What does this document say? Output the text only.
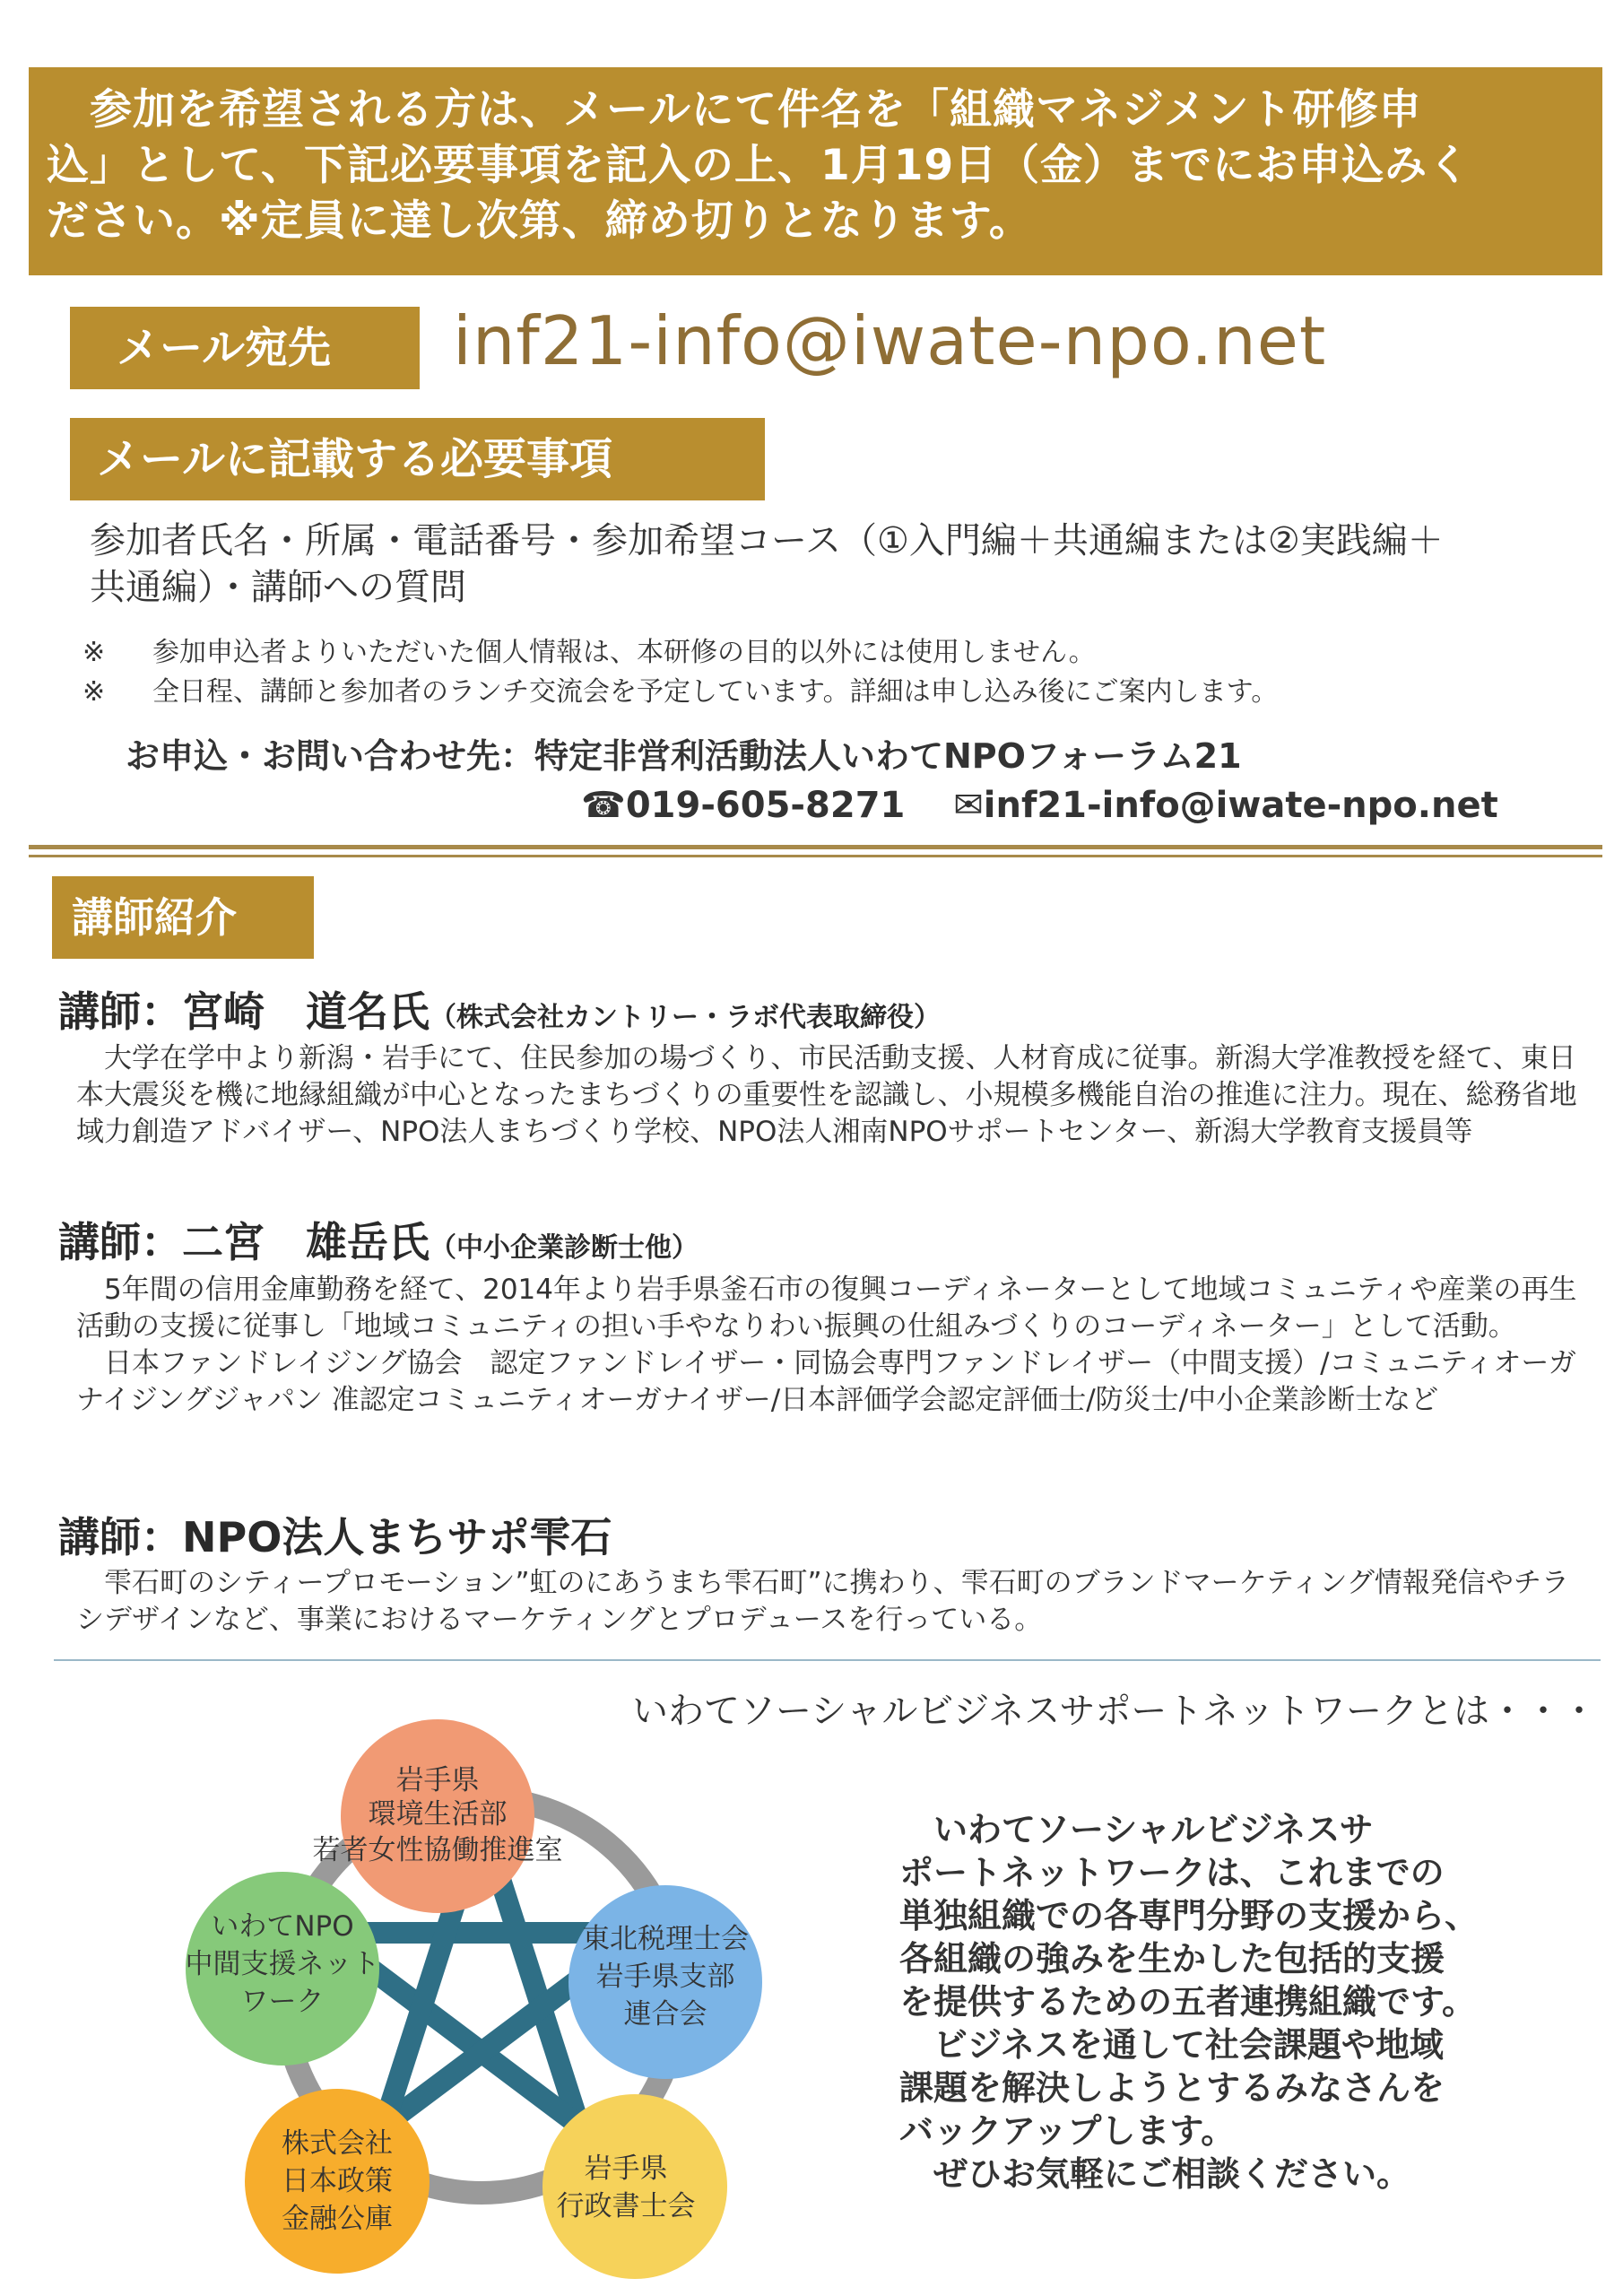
　参加を希望される方は、メールにて件名を「組織マネジメント研修申
込」として、下記必要事項を記入の上、1月19日（金）までにお申込みく
ださい。※定員に達し次第、締め切りとなります。
メール宛先	inf21-info@iwate-npo.net
メールに記載する必要事項
参加者氏名・所属・電話番号・参加希望コース（①入門編＋共通編または②実践編＋
共通編）・講師への質問
※ 参加申込者よりいただいた個人情報は、本研修の目的以外には使用しません。
※ 全日程、講師と参加者のランチ交流会を予定しています。詳細は申し込み後にご案内します。
お申込・お問い合わせ先：特定非営利活動法人いわてNPOフォーラム21
☎019-605-8271 ✉inf21-info@iwate-npo.net
講師紹介
講師：宮崎　道名氏（株式会社カントリー・ラボ代表取締役）
　大学在学中より新潟・岩手にて、住民参加の場づくり、市民活動支援、人材育成に従事。新潟大学准教授を経て、東日本大震災を機に地縁組織が中心となったまちづくりの重要性を認識し、小規模多機能自治の推進に注力。現在、総務省地域力創造アドバイザー、NPO法人まちづくり学校、NPO法人湘南NPOサポートセンター、新潟大学教育支援員等
講師：二宮　雄岳氏（中小企業診断士他）
　5年間の信用金庫勤務を経て、2014年より岩手県釜石市の復興コーディネーターとして地域コミュニティや産業の再生活動の支援に従事し「地域コミュニティの担い手やなりわい振興の仕組みづくりのコーディネーター」として活動。
　日本ファンドレイジング協会　認定ファンドレイザー・同協会専門ファンドレイザー（中間支援）/コミュニティオーガナイジングジャパン 准認定コミュニティオーガナイザー/日本評価学会認定評価士/防災士/中小企業診断士など
講師：NPO法人まちサポ雫石
　雫石町のシティープロモーション”虹のにあうまち雫石町”に携わり、雫石町のブランドマーケティング情報発信やチラシデザインなど、事業におけるマーケティングとプロデュースを行っている。
いわてソーシャルビジネスサポートネットワークとは・・・
岩手県
環境生活部
若者女性協働推進室
東北税理士会
岩手県支部
連合会
岩手県
行政書士会
株式会社
日本政策
金融公庫
いわてNPO
中間支援ネット
ワーク
　いわてソーシャルビジネスサ
ポートネットワークは、これまでの
単独組織での各専門分野の支援から、
各組織の強みを生かした包括的支援
を提供するための五者連携組織です。
　ビジネスを通して社会課題や地域
課題を解決しようとするみなさんを
バックアップします。
　ぜひお気軽にご相談ください。
